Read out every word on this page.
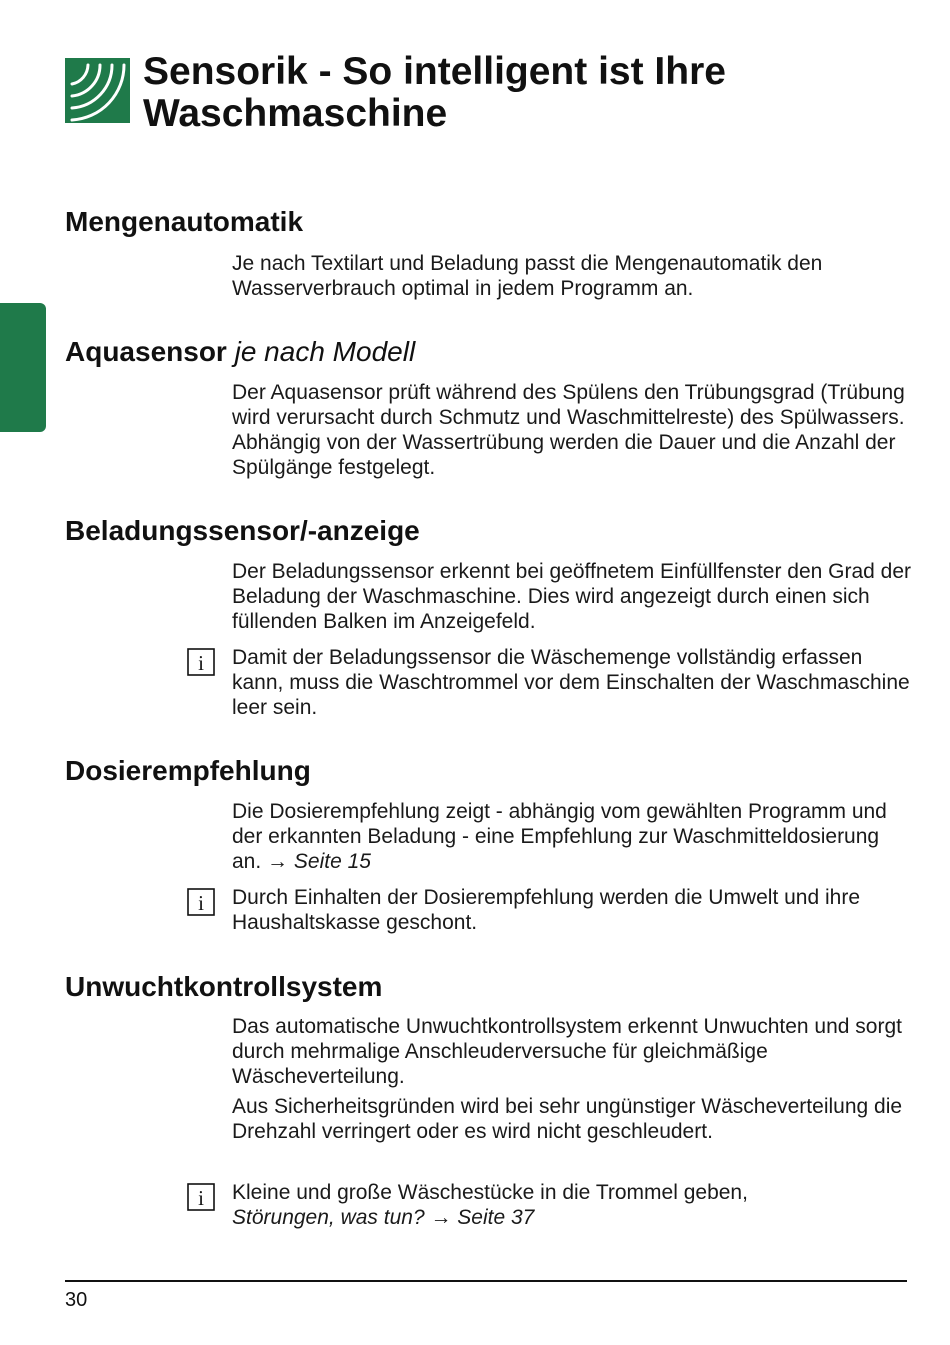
Sensorik - So intelligent ist Ihre Waschmaschine
Mengenautomatik

Je nach Textilart und Beladung passt die Mengenautomatik den Wasserverbrauch optimal in jedem Programm an.

Aquasensor je nach Modell

Der Aquasensor prüft während des Spülens den Trübungsgrad (Trübung wird verursacht durch Schmutz und Waschmittelreste) des Spülwassers. Abhängig von der Wassertrübung werden die Dauer und die Anzahl der Spülgänge festgelegt.

Beladungssensor/-anzeige

Der Beladungssensor erkennt bei geöffnetem Einfüllfenster den Grad der Beladung der Waschmaschine. Dies wird angezeigt durch einen sich füllenden Balken im Anzeigefeld.

i Damit der Beladungssensor die Wäschemenge vollständig erfassen kann, muss die Waschtrommel vor dem Einschalten der Waschmaschine leer sein.

Dosierempfehlung

Die Dosierempfehlung zeigt - abhängig vom gewählten Programm und der erkannten Beladung - eine Empfehlung zur Waschmitteldosierung an. → Seite 15

i Durch Einhalten der Dosierempfehlung werden die Umwelt und ihre Haushaltskasse geschont.

Unwuchtkontrollsystem

Das automatische Unwuchtkontrollsystem erkennt Unwuchten und sorgt durch mehrmalige Anschleuderversuche für gleichmäßige Wäscheverteilung.

Aus Sicherheitsgründen wird bei sehr ungünstiger Wäscheverteilung die Drehzahl verringert oder es wird nicht geschleudert.

i Kleine und große Wäschestücke in die Trommel geben,
Störungen, was tun? → Seite 37

30
